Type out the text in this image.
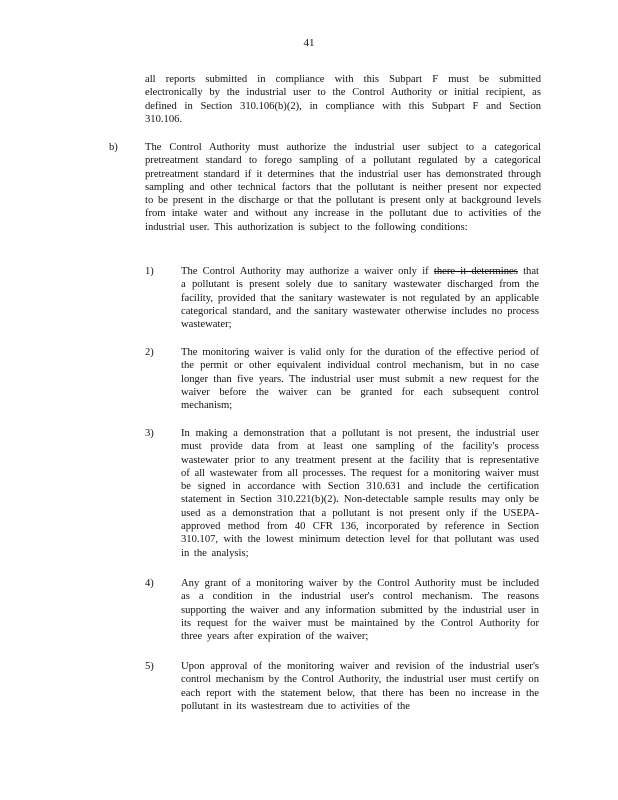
41
all reports submitted in compliance with this Subpart F must be submitted electronically by the industrial user to the Control Authority or initial recipient, as defined in Section 310.106(b)(2), in compliance with this Subpart F and Section 310.106.
b)	The Control Authority must authorize the industrial user subject to a categorical pretreatment standard to forego sampling of a pollutant regulated by a categorical pretreatment standard if it determines that the industrial user has demonstrated through sampling and other technical factors that the pollutant is neither present nor expected to be present in the discharge or that the pollutant is present only at background levels from intake water and without any increase in the pollutant due to activities of the industrial user. This authorization is subject to the following conditions:
1)	The Control Authority may authorize a waiver only if there it determines that a pollutant is present solely due to sanitary wastewater discharged from the facility, provided that the sanitary wastewater is not regulated by an applicable categorical standard, and the sanitary wastewater otherwise includes no process wastewater;
2)	The monitoring waiver is valid only for the duration of the effective period of the permit or other equivalent individual control mechanism, but in no case longer than five years. The industrial user must submit a new request for the waiver before the waiver can be granted for each subsequent control mechanism;
3)	In making a demonstration that a pollutant is not present, the industrial user must provide data from at least one sampling of the facility's process wastewater prior to any treatment present at the facility that is representative of all wastewater from all processes. The request for a monitoring waiver must be signed in accordance with Section 310.631 and include the certification statement in Section 310.221(b)(2). Non-detectable sample results may only be used as a demonstration that a pollutant is not present only if the USEPA-approved method from 40 CFR 136, incorporated by reference in Section 310.107, with the lowest minimum detection level for that pollutant was used in the analysis;
4)	Any grant of a monitoring waiver by the Control Authority must be included as a condition in the industrial user's control mechanism. The reasons supporting the waiver and any information submitted by the industrial user in its request for the waiver must be maintained by the Control Authority for three years after expiration of the waiver;
5)	Upon approval of the monitoring waiver and revision of the industrial user's control mechanism by the Control Authority, the industrial user must certify on each report with the statement below, that there has been no increase in the pollutant in its wastestream due to activities of the
